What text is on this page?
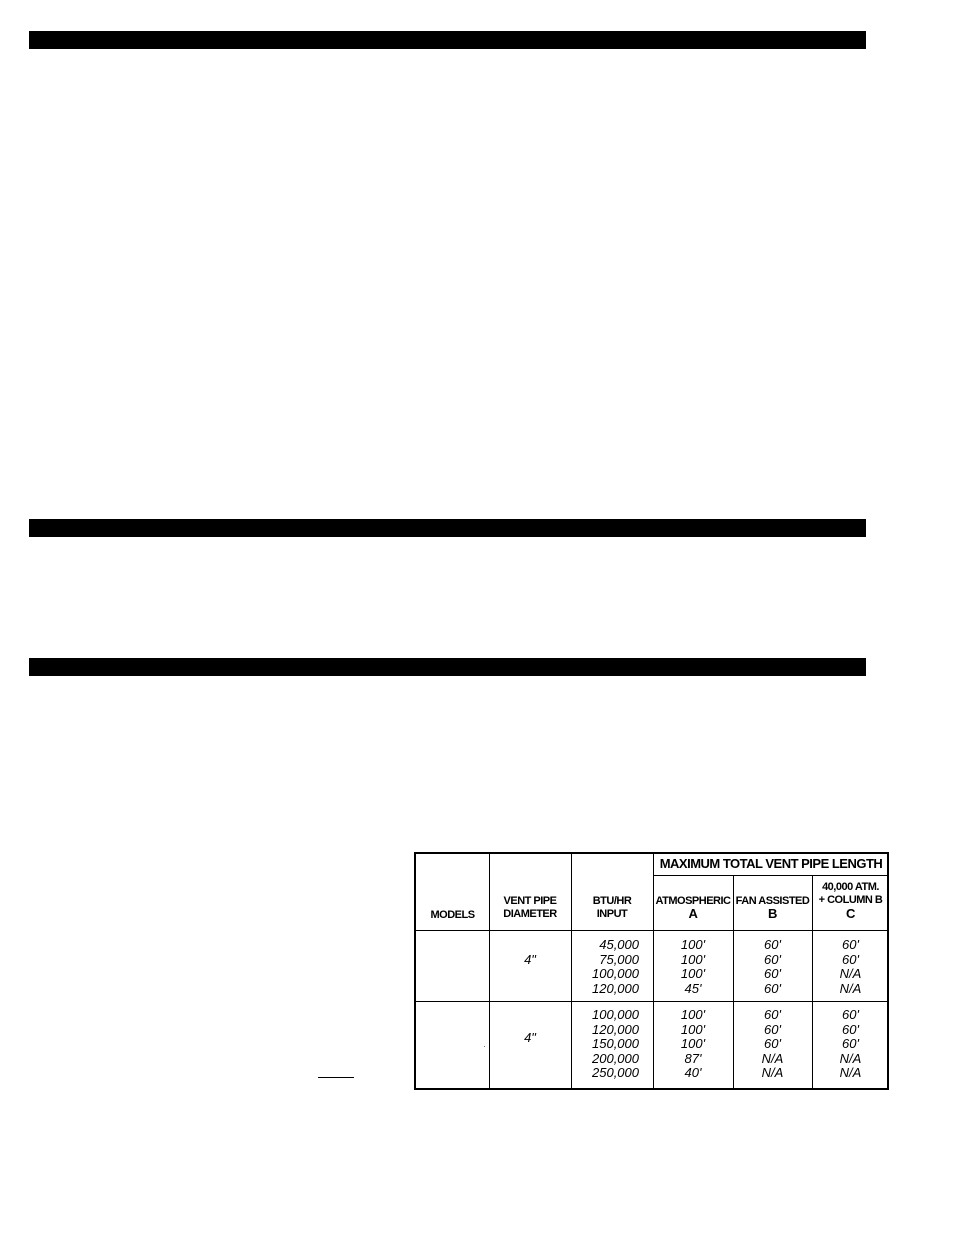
MAXIMUM TOTAL VENT PIPE LENGTH
MODELS
VENT PIPE
DIAMETER
BTU/HR
INPUT
ATMOSPHERIC
A
FAN ASSISTED
B
40,000 ATM.
+ COLUMN B
C
4"
45,000
75,000
100,000
120,000
100'
100'
100'
45'
60'
60'
60'
60'
60'
60'
N/A
N/A
4"
100,000
120,000
150,000
200,000
250,000
100'
100'
100'
87'
40'
60'
60'
60'
N/A
N/A
60'
60'
60'
N/A
N/A
